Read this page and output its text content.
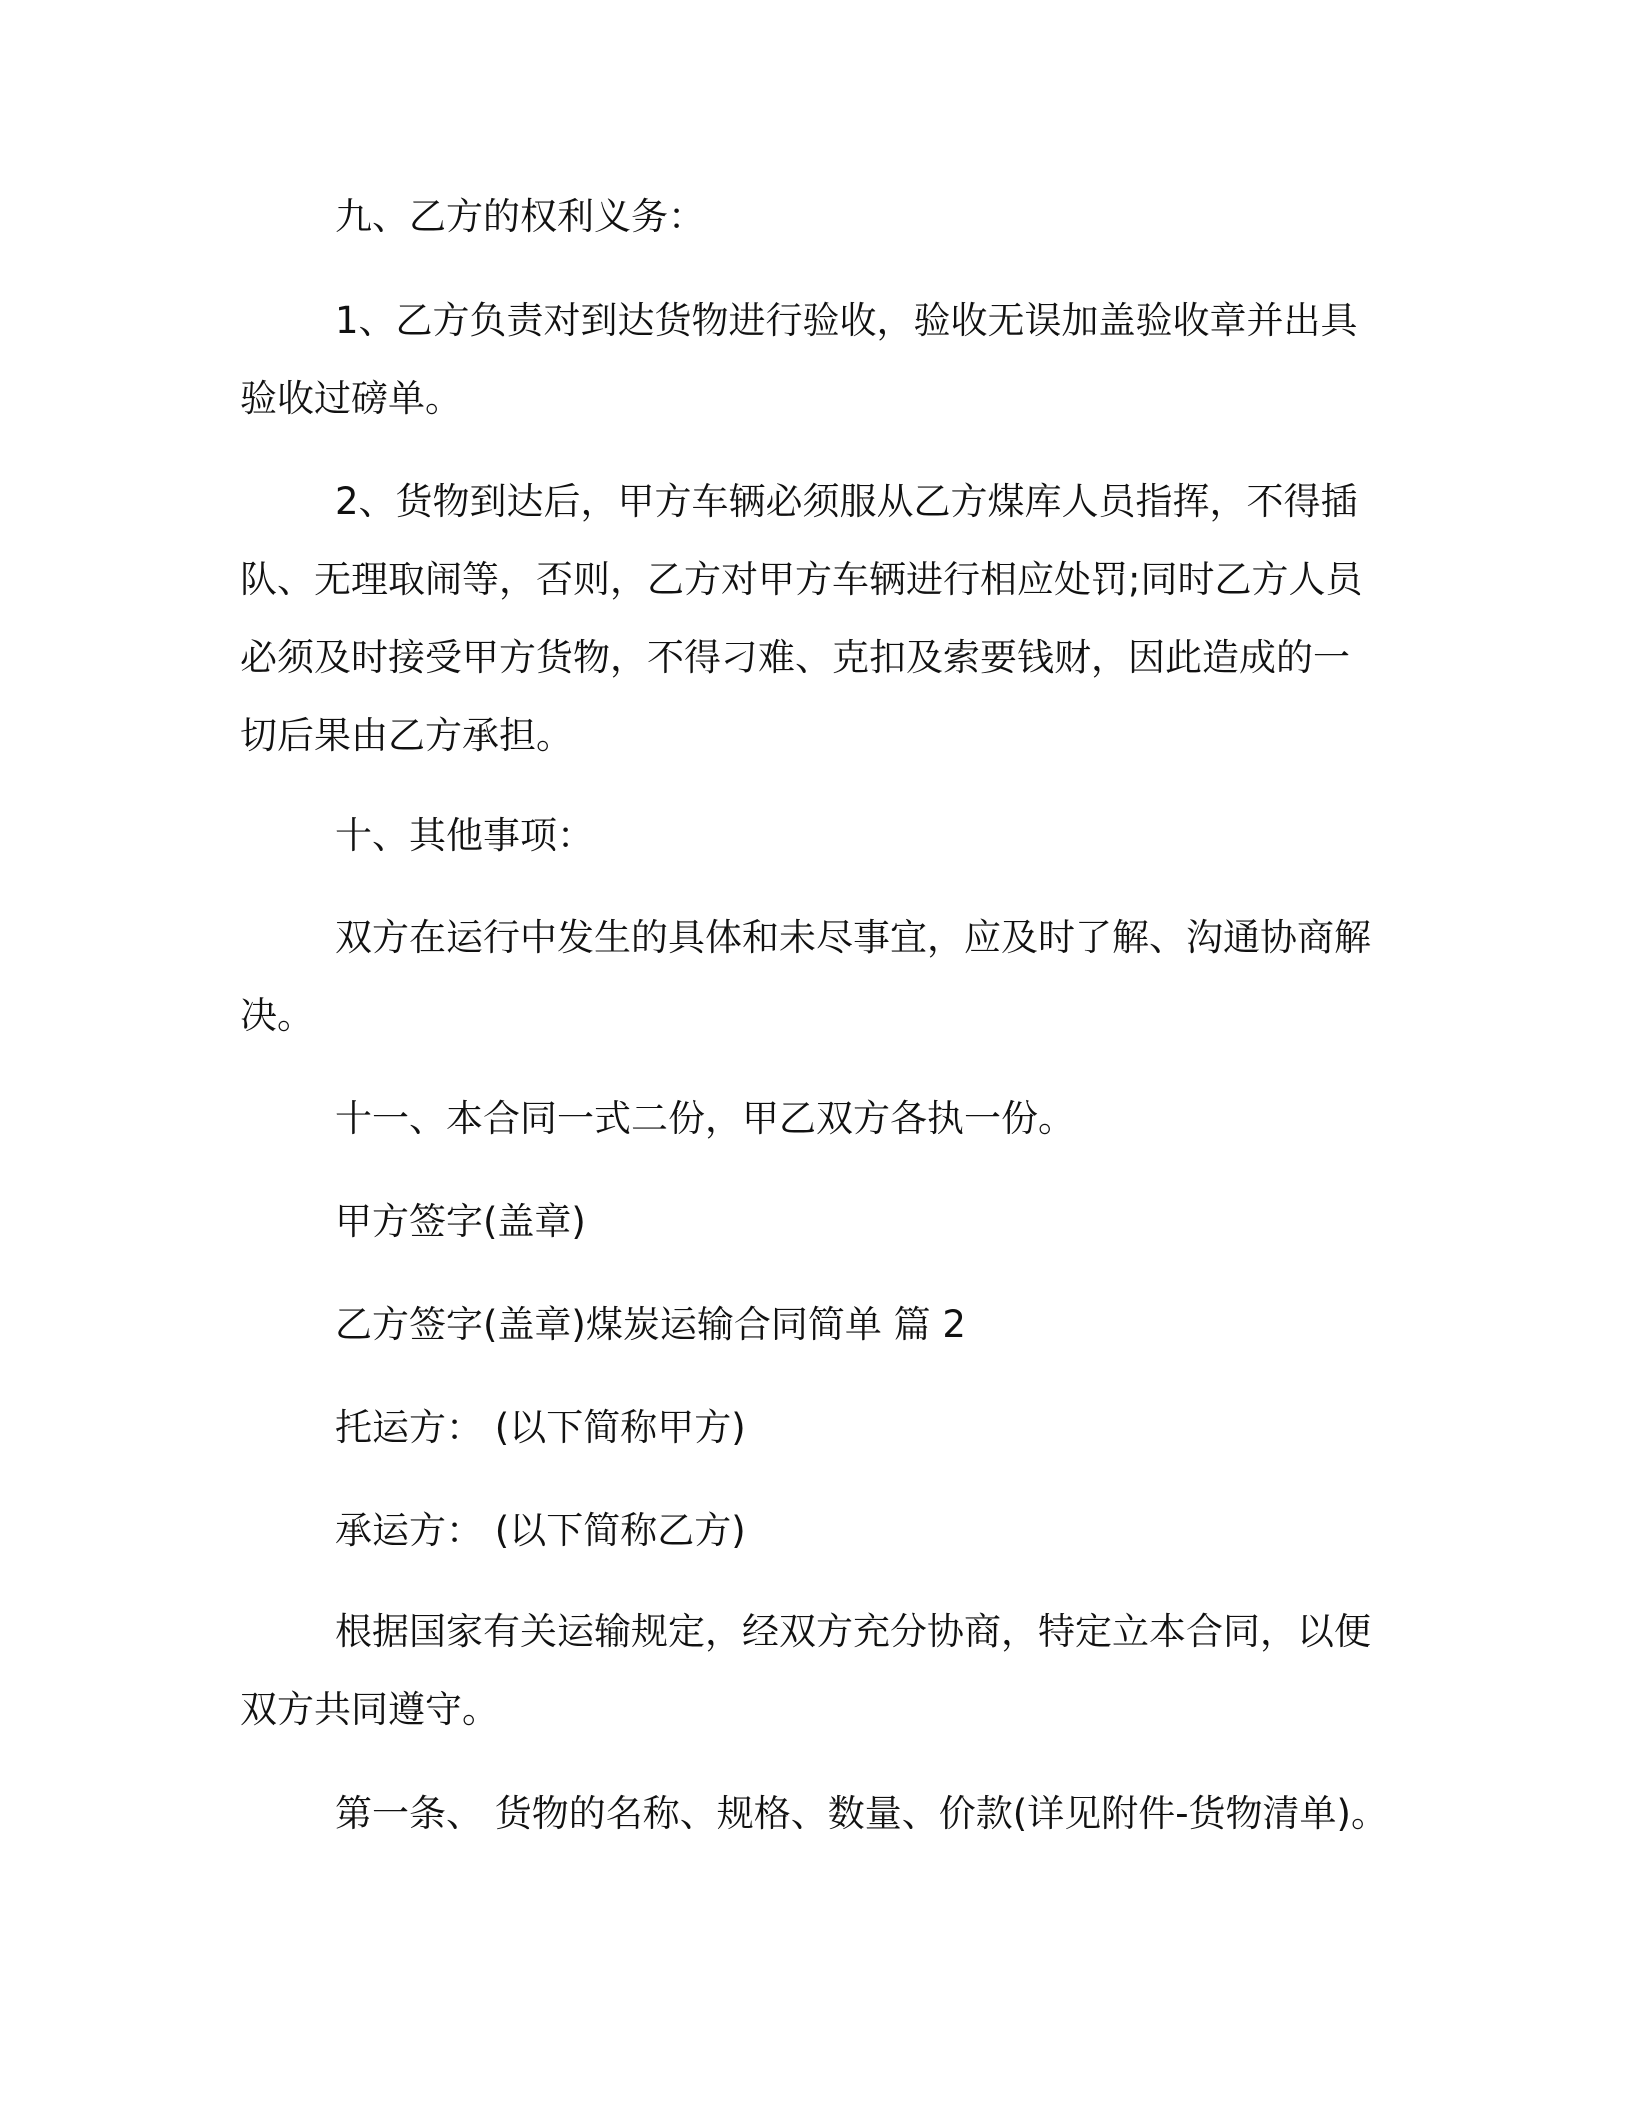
九、乙方的权利义务：

1、乙方负责对到达货物进行验收，验收无误加盖验收章并出具
验收过磅单。

2、货物到达后，甲方车辆必须服从乙方煤库人员指挥，不得插
队、无理取闹等，否则，乙方对甲方车辆进行相应处罚;同时乙方人员
必须及时接受甲方货物，不得刁难、克扣及索要钱财，因此造成的一
切后果由乙方承担。

十、其他事项：

双方在运行中发生的具体和未尽事宜，应及时了解、沟通协商解
决。

十一、本合同一式二份，甲乙双方各执一份。

甲方签字(盖章)

乙方签字(盖章)煤炭运输合同简单 篇 2

托运方： (以下简称甲方)

承运方： (以下简称乙方)

根据国家有关运输规定，经双方充分协商，特定立本合同，以便
双方共同遵守。

第一条、 货物的名称、规格、数量、价款(详见附件-货物清单)。
